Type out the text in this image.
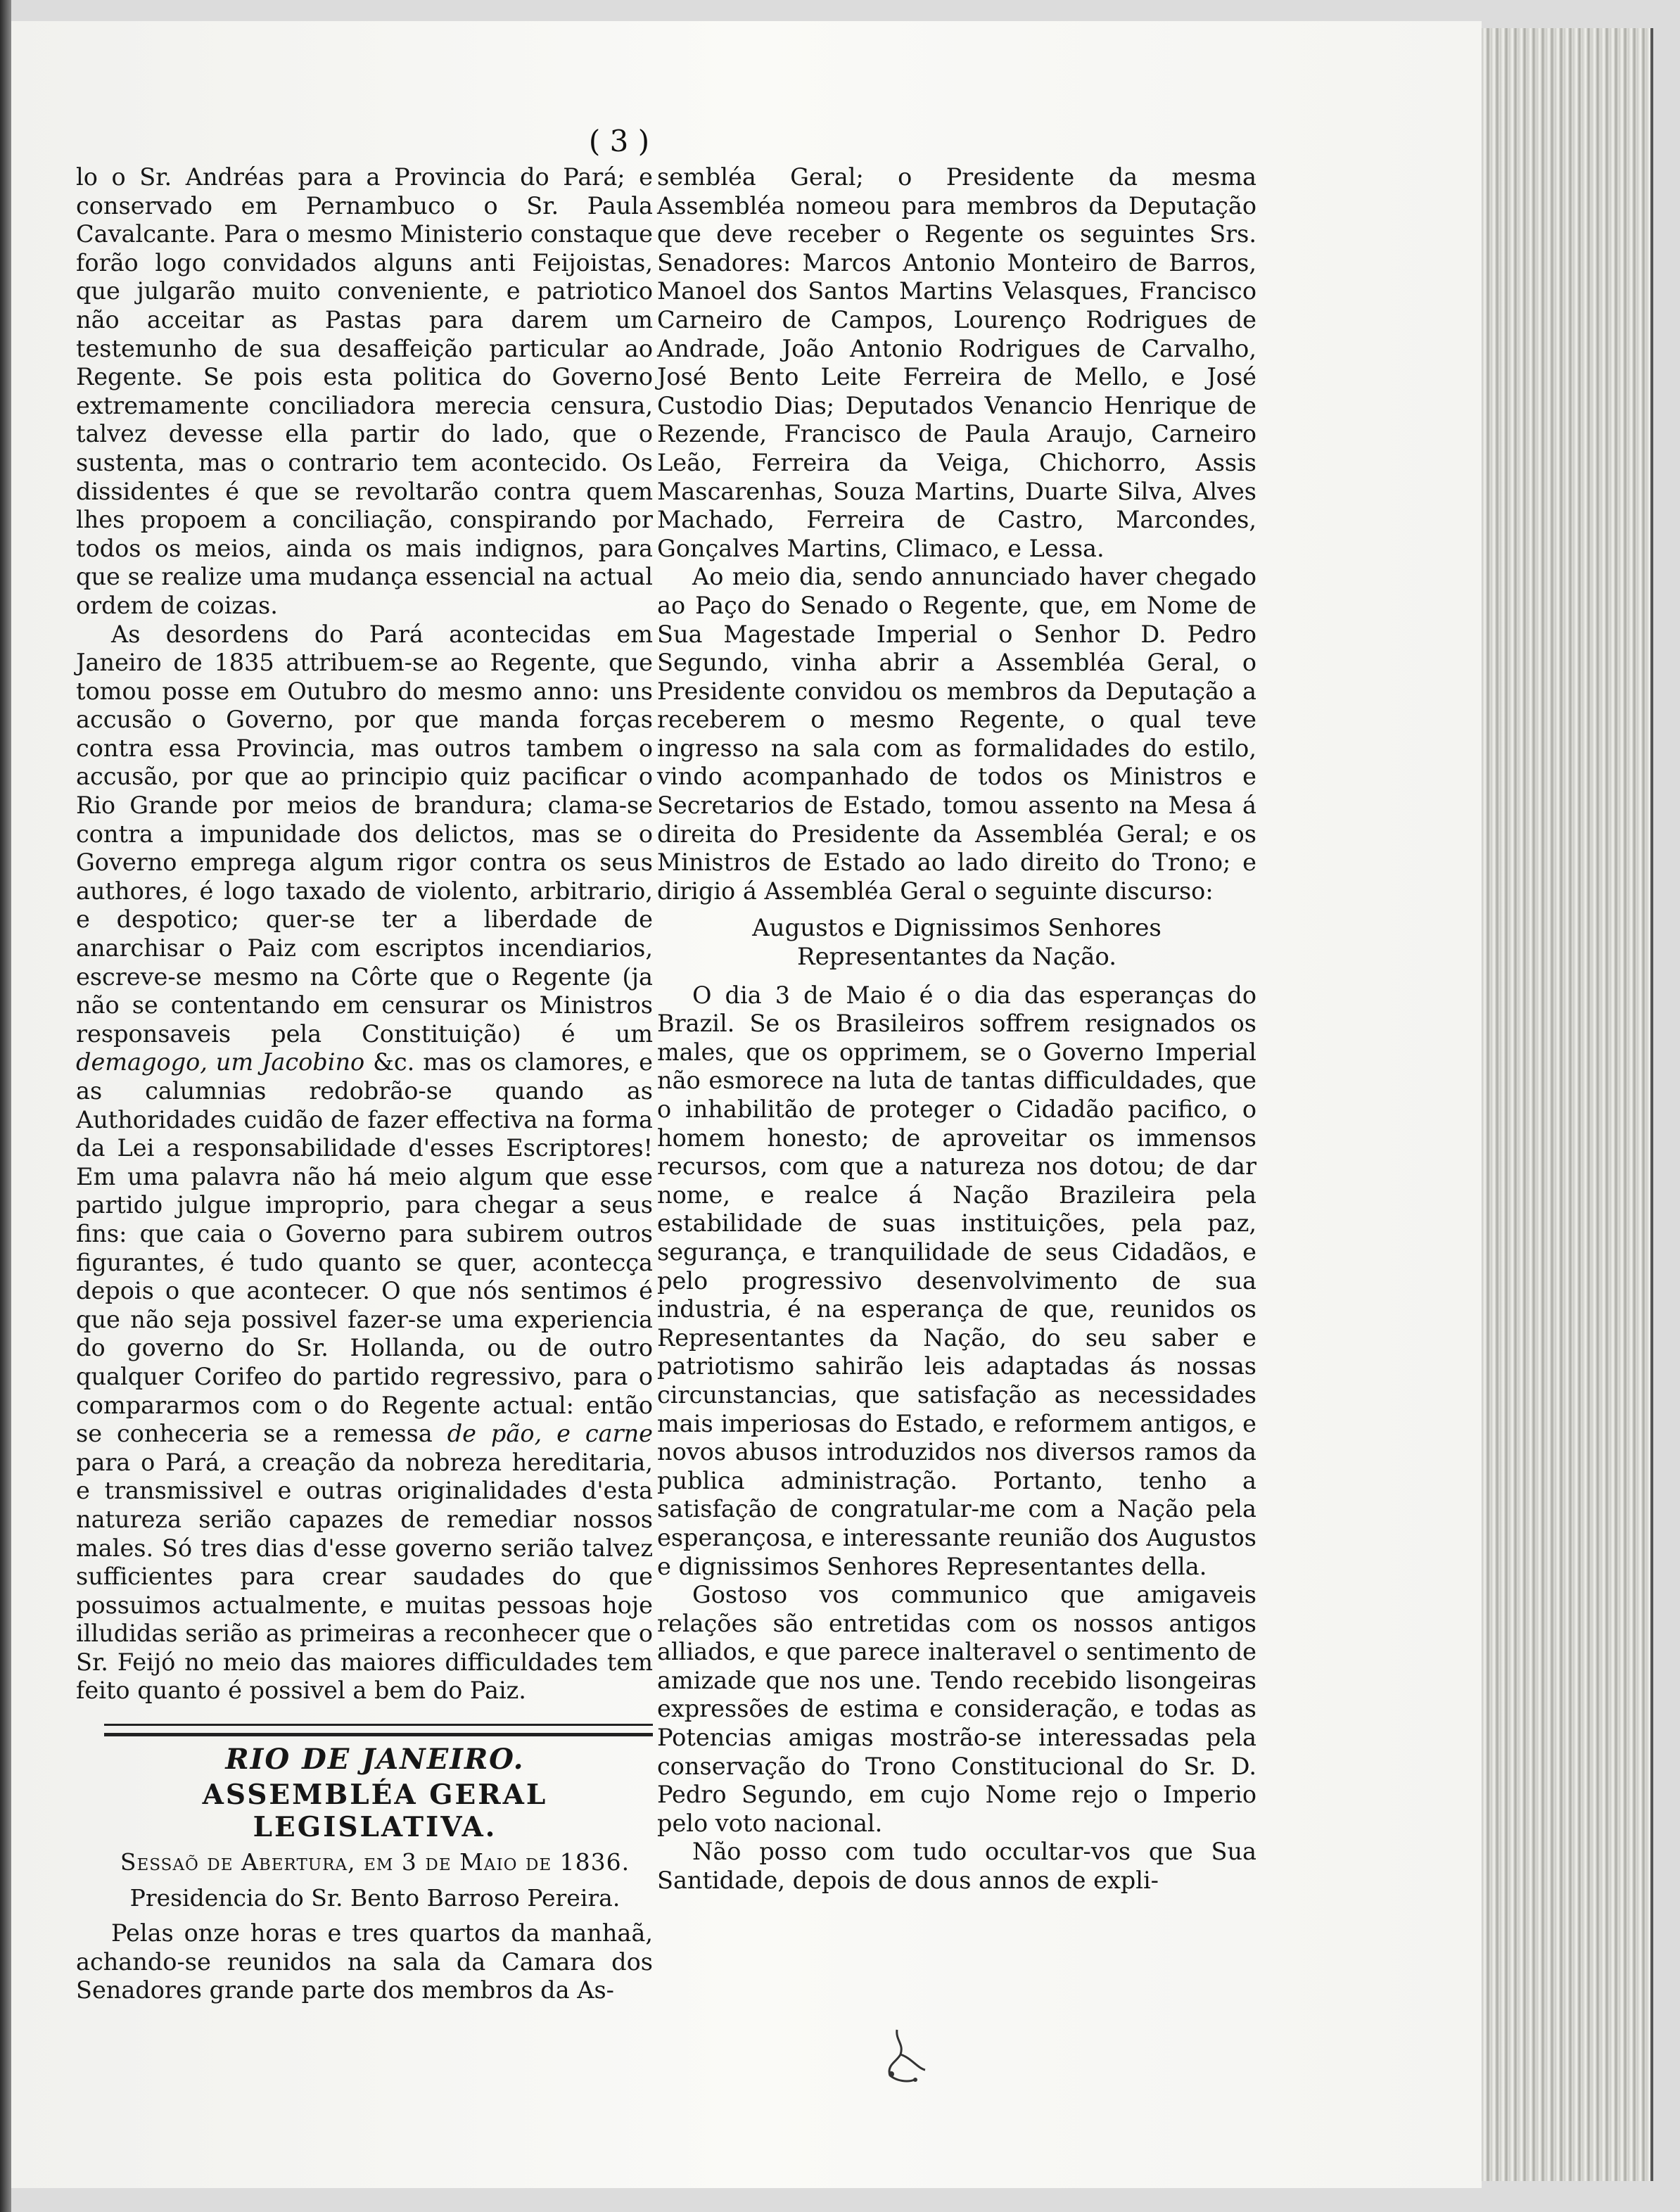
( 3 )

lo o Sr. Andréas para a Provincia do Pará; e conservado em Pernambuco o Sr. Paula Cavalcante. Para o mesmo Ministerio constaque forão logo convidados alguns anti Feijoistas, que julgarão muito conveniente, e patriotico não acceitar as Pastas para darem um testemunho de sua desaffeição particular ao Regente. Se pois esta politica do Governo extremamente conciliadora merecia censura, talvez devesse ella partir do lado, que o sustenta, mas o contrario tem acontecido. Os dissidentes é que se revoltarão contra quem lhes propoem a conciliação, conspirando por todos os meios, ainda os mais indignos, para que se realize uma mudança essencial na actual ordem de coizas.

As desordens do Pará acontecidas em Janeiro de 1835 attribuem-se ao Regente, que tomou posse em Outubro do mesmo anno: uns accusão o Governo, por que manda forças contra essa Provincia, mas outros tambem o accusão, por que ao principio quiz pacificar o Rio Grande por meios de brandura; clama-se contra a impunidade dos delictos, mas se o Governo emprega algum rigor contra os seus authores, é logo taxado de violento, arbitrario, e despotico; quer-se ter a liberdade de anarchisar o Paiz com escriptos incendiarios, escreve-se mesmo na Côrte que o Regente (ja não se contentando em censurar os Ministros responsaveis pela Constituição) é um demagogo, um Jacobino &c. mas os clamores, e as calumnias redobrão-se quando as Authoridades cuidão de fazer effectiva na forma da Lei a responsabilidade d'esses Escriptores! Em uma palavra não há meio algum que esse partido julgue improprio, para chegar a seus fins: que caia o Governo para subirem outros figurantes, é tudo quanto se quer, acontecça depois o que acontecer. O que nós sentimos é que não seja possivel fazer-se uma experiencia do governo do Sr. Hollanda, ou de outro qualquer Corifeo do partido regressivo, para o compararmos com o do Regente actual: então se conheceria se a remessa de pão, e carne para o Pará, a creação da nobreza hereditaria, e transmissivel e outras originalidades d'esta natureza serião capazes de remediar nossos males. Só tres dias d'esse governo serião talvez sufficientes para crear saudades do que possuimos actualmente, e muitas pessoas hoje illudidas serião as primeiras a reconhecer que o Sr. Feijó no meio das maiores difficuldades tem feito quanto é possivel a bem do Paiz.

RIO DE JANEIRO.
ASSEMBLÉA GERAL LEGISLATIVA.
Sessaõ de Abertura, em 3 de Maio de 1836.
Presidencia do Sr. Bento Barroso Pereira.

Pelas onze horas e tres quartos da manhaã, achando-se reunidos na sala da Camara dos Senadores grande parte dos membros da As-

sembléa Geral; o Presidente da mesma Assembléa nomeou para membros da Deputação que deve receber o Regente os seguintes Srs. Senadores: Marcos Antonio Monteiro de Barros, Manoel dos Santos Martins Velasques, Francisco Carneiro de Campos, Lourenço Rodrigues de Andrade, João Antonio Rodrigues de Carvalho, José Bento Leite Ferreira de Mello, e José Custodio Dias; Deputados Venancio Henrique de Rezende, Francisco de Paula Araujo, Carneiro Leão, Ferreira da Veiga, Chichorro, Assis Mascarenhas, Souza Martins, Duarte Silva, Alves Machado, Ferreira de Castro, Marcondes, Gonçalves Martins, Climaco, e Lessa.

Ao meio dia, sendo annunciado haver chegado ao Paço do Senado o Regente, que, em Nome de Sua Magestade Imperial o Senhor D. Pedro Segundo, vinha abrir a Assembléa Geral, o Presidente convidou os membros da Deputação a receberem o mesmo Regente, o qual teve ingresso na sala com as formalidades do estilo, vindo acompanhado de todos os Ministros e Secretarios de Estado, tomou assento na Mesa á direita do Presidente da Assembléa Geral; e os Ministros de Estado ao lado direito do Trono; e dirigio á Assembléa Geral o seguinte discurso:

Augustos e Dignissimos Senhores Representantes da Nação.

O dia 3 de Maio é o dia das esperanças do Brazil. Se os Brasileiros soffrem resignados os males, que os opprimem, se o Governo Imperial não esmorece na luta de tantas difficuldades, que o inhabilitão de proteger o Cidadão pacifico, o homem honesto; de aproveitar os immensos recursos, com que a natureza nos dotou; de dar nome, e realce á Nação Brazileira pela estabilidade de suas instituições, pela paz, segurança, e tranquilidade de seus Cidadãos, e pelo progressivo desenvolvimento de sua industria, é na esperança de que, reunidos os Representantes da Nação, do seu saber e patriotismo sahirão leis adaptadas ás nossas circunstancias, que satisfação as necessidades mais imperiosas do Estado, e reformem antigos, e novos abusos introduzidos nos diversos ramos da publica administração. Portanto, tenho a satisfação de congratular-me com a Nação pela esperançosa, e interessante reunião dos Augustos e dignissimos Senhores Representantes della.

Gostoso vos communico que amigaveis relações são entretidas com os nossos antigos alliados, e que parece inalteravel o sentimento de amizade que nos une. Tendo recebido lisongeiras expressões de estima e consideração, e todas as Potencias amigas mostrão-se interessadas pela conservação do Trono Constitucional do Sr. D. Pedro Segundo, em cujo Nome rejo o Imperio pelo voto nacional.

Não posso com tudo occultar-vos que Sua Santidade, depois de dous annos de expli-
